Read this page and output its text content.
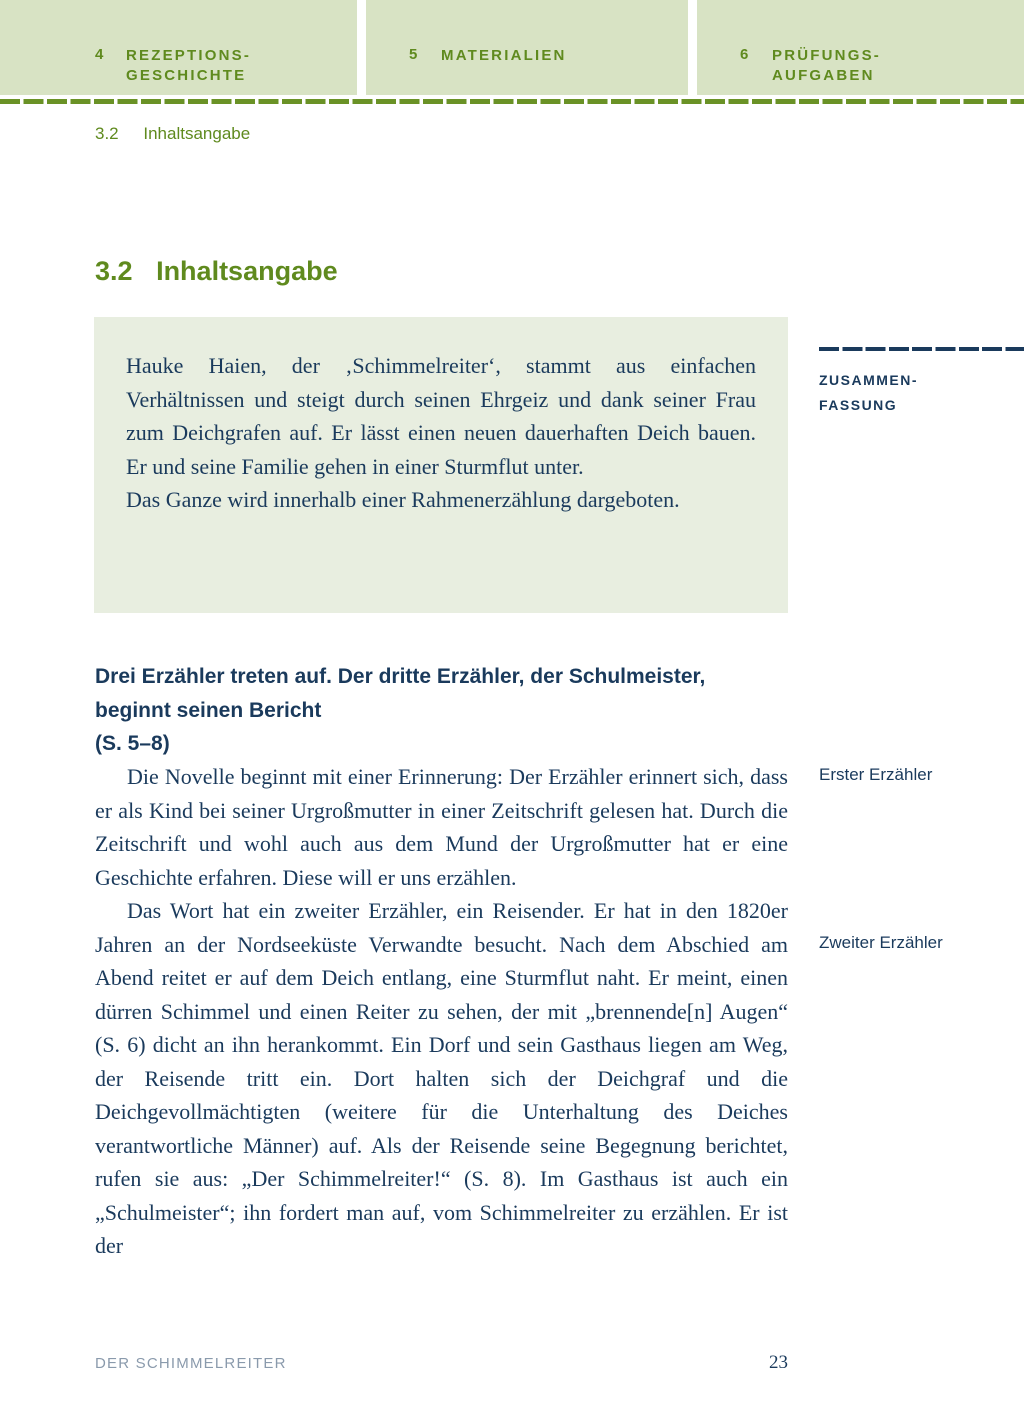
4 REZEPTIONS-
GESCHICHTE
5 MATERIALIEN	6 PRÜFUNGS-
AUFGABEN
3.2 Inhaltsangabe
3.2 Inhaltsangabe

Hauke Haien, der ‚Schimmelreiter‘, stammt aus einfachen Verhältnissen und steigt durch seinen Ehrgeiz und dank seiner Frau zum Deichgrafen auf. Er lässt einen neuen dauerhaften Deich bauen. Er und seine Familie gehen in einer Sturmflut unter.

Das Ganze wird innerhalb einer Rahmenerzählung dargeboten.

ZUSAMMEN-
FASSUNG
Drei Erzähler treten auf. Der dritte Erzähler, der Schulmeister,
beginnt seinen Bericht
(S. 5–8)

Die Novelle beginnt mit einer Erinnerung: Der Erzähler erinnert sich, dass er als Kind bei seiner Urgroßmutter in einer Zeitschrift gelesen hat. Durch die Zeitschrift und wohl auch aus dem Mund der Urgroßmutter hat er eine Geschichte erfahren. Diese will er uns erzählen.

Das Wort hat ein zweiter Erzähler, ein Reisender. Er hat in den 1820er Jahren an der Nordseeküste Verwandte besucht. Nach dem Abschied am Abend reitet er auf dem Deich entlang, eine Sturmflut naht. Er meint, einen dürren Schimmel und einen Reiter zu sehen, der mit „brennende[n] Augen“ (S. 6) dicht an ihn herankommt. Ein Dorf und sein Gasthaus liegen am Weg, der Reisende tritt ein. Dort halten sich der Deichgraf und die Deichgevollmächtigten (weitere für die Unterhaltung des Deiches verantwortliche Männer) auf. Als der Reisende seine Begegnung berichtet, rufen sie aus: „Der Schimmelreiter!“ (S. 8). Im Gasthaus ist auch ein „Schulmeister“; ihn fordert man auf, vom Schimmelreiter zu erzählen. Er ist der

Erster Erzähler
Zweiter Erzähler
DER SCHIMMELREITER	23
